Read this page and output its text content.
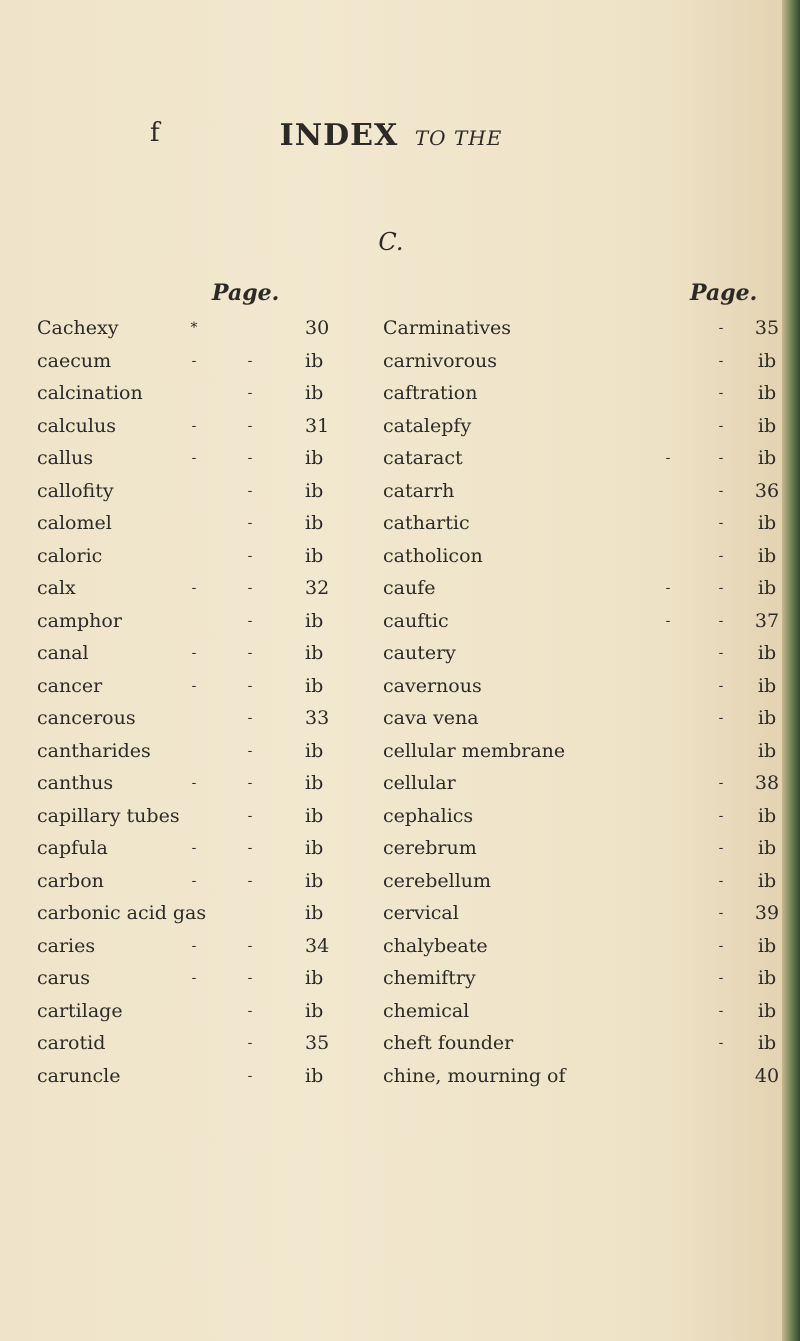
f	INDEX TO THE
C.
Page.	Page.
Cachexy	*	30
caecum	-	-	ib
calcination	-	ib
calculus	-	-	31
callus	-	-	ib
callofity	-	ib
calomel	-	ib
caloric	-	ib
calx	-	-	32
camphor	-	ib
canal	-	-	ib
cancer	-	-	ib
cancerous	-	33
cantharides	-	ib
canthus	-	-	ib
capillary tubes	-	ib
capfula	-	-	ib
carbon	-	-	ib
carbonic acid gas	ib
caries	-	-	34
carus	-	-	ib
cartilage	-	ib
carotid	-	35
caruncle	-	ib
Carminatives	-	35
carnivorous	-	ib
caftration	-	ib
catalepfy	-	ib
cataract	-	-	ib
catarrh	-	36
cathartic	-	ib
catholicon	-	ib
caufe	-	-	ib
cauftic	-	-	37
cautery	-	ib
cavernous	-	ib
cava vena	-	ib
cellular membrane	ib
cellular	-	38
cephalics	-	ib
cerebrum	-	ib
cerebellum	-	ib
cervical	-	39
chalybeate	-	ib
chemiftry	-	ib
chemical	-	ib
cheft founder	-	ib
chine, mourning of	40
